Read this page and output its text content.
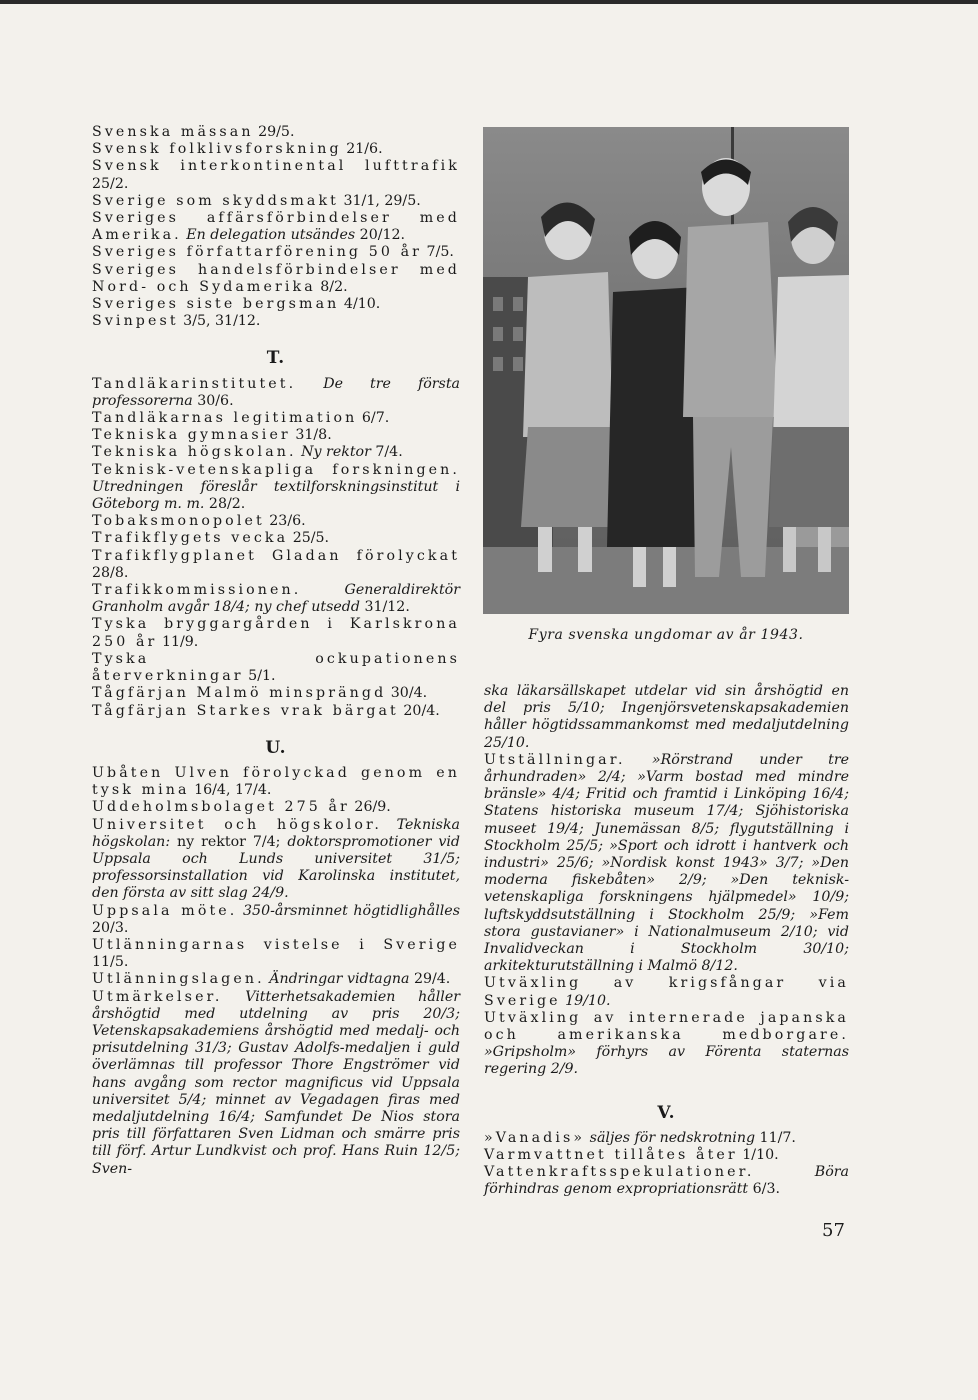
Svenska mässan 29/5.
Svensk folklivsforskning 21/6.
Svensk interkontinental lufttrafik 25/2.
Sverige som skyddsmakt 31/1, 29/5.
Sveriges affärsförbindelser med Amerika. En delegation utsändes 20/12.
Sveriges författarförening 50 år 7/5.
Sveriges handelsförbindelser med Nord- och Sydamerika 8/2.
Sveriges siste bergsman 4/10.
Svinpest 3/5, 31/12.
T.
Tandläkarinstitutet. De tre första professorerna 30/6.
Tandläkarnas legitimation 6/7.
Tekniska gymnasier 31/8.
Tekniska högskolan. Ny rektor 7/4.
Teknisk-vetenskapliga forskningen. Utredningen föreslår textilforskningsinstitut i Göteborg m. m. 28/2.
Tobaksmonopolet 23/6.
Trafikflygets vecka 25/5.
Trafikflygplanet Gladan förolyckat 28/8.
Trafikkommissionen. Generaldirektör Granholm avgår 18/4; ny chef utsedd 31/12.
Tyska bryggargården i Karlskrona 250 år 11/9.
Tyska ockupationens återverkningar 5/1.
Tågfärjan Malmö minsprängd 30/4.
Tågfärjan Starkes vrak bärgat 20/4.
U.
Ubåten Ulven förolyckad genom en tysk mina 16/4, 17/4.
Uddeholmsbolaget 275 år 26/9.
Universitet och högskolor. Tekniska högskolan: ny rektor 7/4; doktorspromotioner vid Uppsala och Lunds universitet 31/5; professorsinstallation vid Karolinska institutet, den första av sitt slag 24/9.
Uppsala möte. 350-årsminnet högtidlighålles 20/3.
Utlänningarnas vistelse i Sverige 11/5.
Utlänningslagen. Ändringar vidtagna 29/4.
Utmärkelser. Vitterhetsakademien håller årshögtid med utdelning av pris 20/3; Vetenskapsakademiens årshögtid med medalj- och prisutdelning 31/3; Gustav Adolfs-medaljen i guld överlämnas till professor Thore Engströmer vid hans avgång som rector magnificus vid Uppsala universitet 5/4; minnet av Vegadagen firas med medaljutdelning 16/4; Samfundet De Nios stora pris till författaren Sven Lidman och smärre pris till förf. Artur Lundkvist och prof. Hans Ruin 12/5; Sven-
Fyra svenska ungdomar av år 1943.
ska läkarsällskapet utdelar vid sin årshögtid en del pris 5/10; Ingenjörsvetenskapsakademien håller högtidssammankomst med medaljutdelning 25/10.
Utställningar. »Rörstrand under tre århundraden» 2/4; »Varm bostad med mindre bränsle» 4/4; Fritid och framtid i Linköping 16/4; Statens historiska museum 17/4; Sjöhistoriska museet 19/4; Junemässan 8/5; flygutställning i Stockholm 25/5; »Sport och idrott i hantverk och industri» 25/6; »Nordisk konst 1943» 3/7; »Den moderna fiskebåten» 2/9; »Den teknisk-vetenskapliga forskningens hjälpmedel» 10/9; luftskyddsutställning i Stockholm 25/9; »Fem stora gustavianer» i Nationalmuseum 2/10; vid Invalidveckan i Stockholm 30/10; arkitekturutställning i Malmö 8/12.
Utväxling av krigsfångar via Sverige 19/10.
Utväxling av internerade japanska och amerikanska medborgare. »Gripsholm» förhyrs av Förenta staternas regering 2/9.
V.
»Vanadis» säljes för nedskrotning 11/7.
Varmvattnet tillåtes åter 1/10.
Vattenkraftsspekulationer. Böra förhindras genom expropriationsrätt 6/3.
57
